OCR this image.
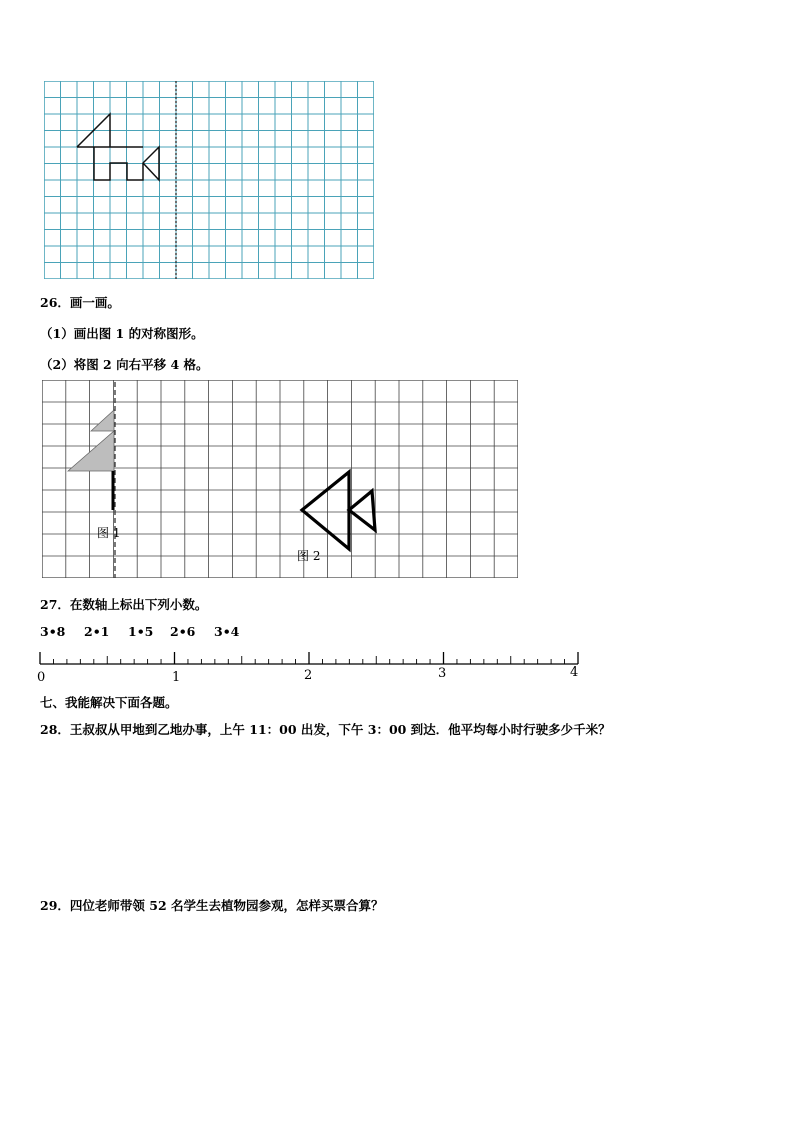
26．画一画。
（1）画出图 1 的对称图形。
（2）将图 2 向右平移 4 格。
图 1
图 2
27．在数轴上标出下列小数。
3•8 2•1 1•5 2•6 3•4
0	1	2	3	4
七、我能解决下面各题。
28．王叔叔从甲地到乙地办事，上午 11：00 出发，下午 3：00 到达．他平均每小时行驶多少千米？
29．四位老师带领 52 名学生去植物园参观，怎样买票合算？
